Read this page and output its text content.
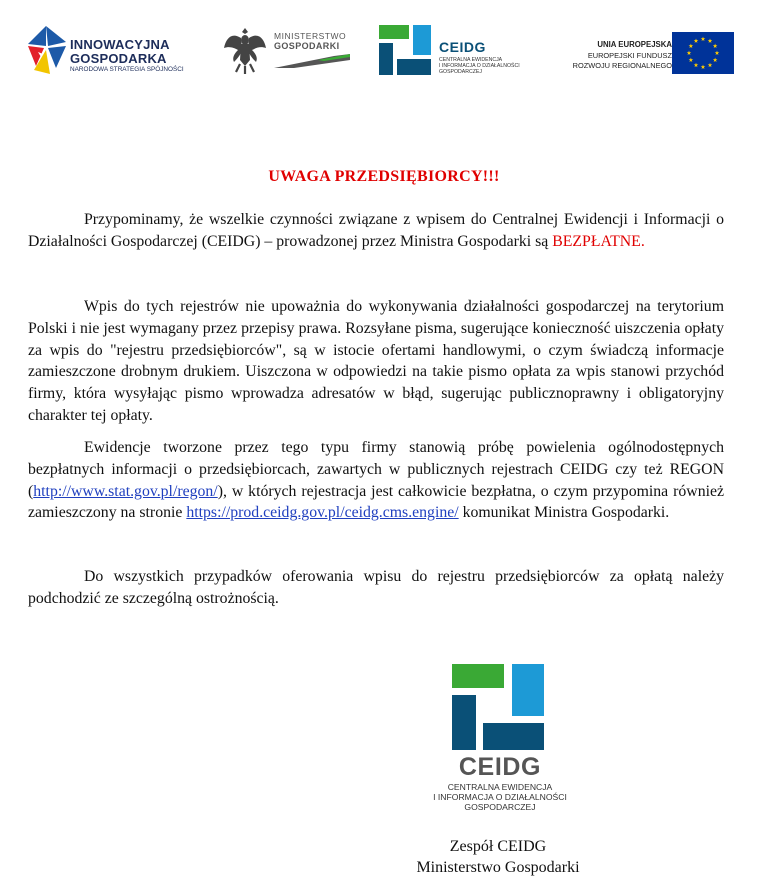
INNOWACYJNA
GOSPODARKA
NARODOWA STRATEGIA SPÓJNOŚCI
MINISTERSTWO
GOSPODARKI	CEIDG
CENTRALNA EWIDENCJA
I INFORMACJA O DZIAŁALNOŚCI
GOSPODARCZEJ
UNIA EUROPEJSKA
EUROPEJSKI FUNDUSZ
ROZWOJU REGIONALNEGO
UWAGA PRZEDSIĘBIORCY!!!

Przypominamy, że wszelkie czynności związane z wpisem do Centralnej Ewidencji i Informacji o Działalności Gospodarczej (CEIDG) – prowadzonej przez Ministra Gospodarki są BEZPŁATNE.

Wpis do tych rejestrów nie upoważnia do wykonywania działalności gospodarczej na terytorium Polski i nie jest wymagany przez przepisy prawa. Rozsyłane pisma, sugerujące konieczność uiszczenia opłaty za wpis do "rejestru przedsiębiorców", są w istocie ofertami handlowymi, o czym świadczą informacje zamieszczone drobnym drukiem. Uiszczona w odpowiedzi na takie pismo opłata za wpis stanowi przychód firmy, która wysyłając pismo wprowadza adresatów w błąd, sugerując publicznoprawny i obligatoryjny charakter tej opłaty.

Ewidencje tworzone przez tego typu firmy stanowią próbę powielenia ogólnodostępnych bezpłatnych informacji o przedsiębiorcach, zawartych w publicznych rejestrach CEIDG czy też REGON (http://www.stat.gov.pl/regon/), w których rejestracja jest całkowicie bezpłatna, o czym przypomina również zamieszczony na stronie https://prod.ceidg.gov.pl/ceidg.cms.engine/ komunikat Ministra Gospodarki.

Do wszystkich przypadków oferowania wpisu do rejestru przedsiębiorców za opłatą należy podchodzić ze szczególną ostrożnością.

CEIDG
CENTRALNA EWIDENCJA
I INFORMACJA O DZIAŁALNOŚCI
GOSPODARCZEJ
Zespół CEIDG
Ministerstwo Gospodarki
